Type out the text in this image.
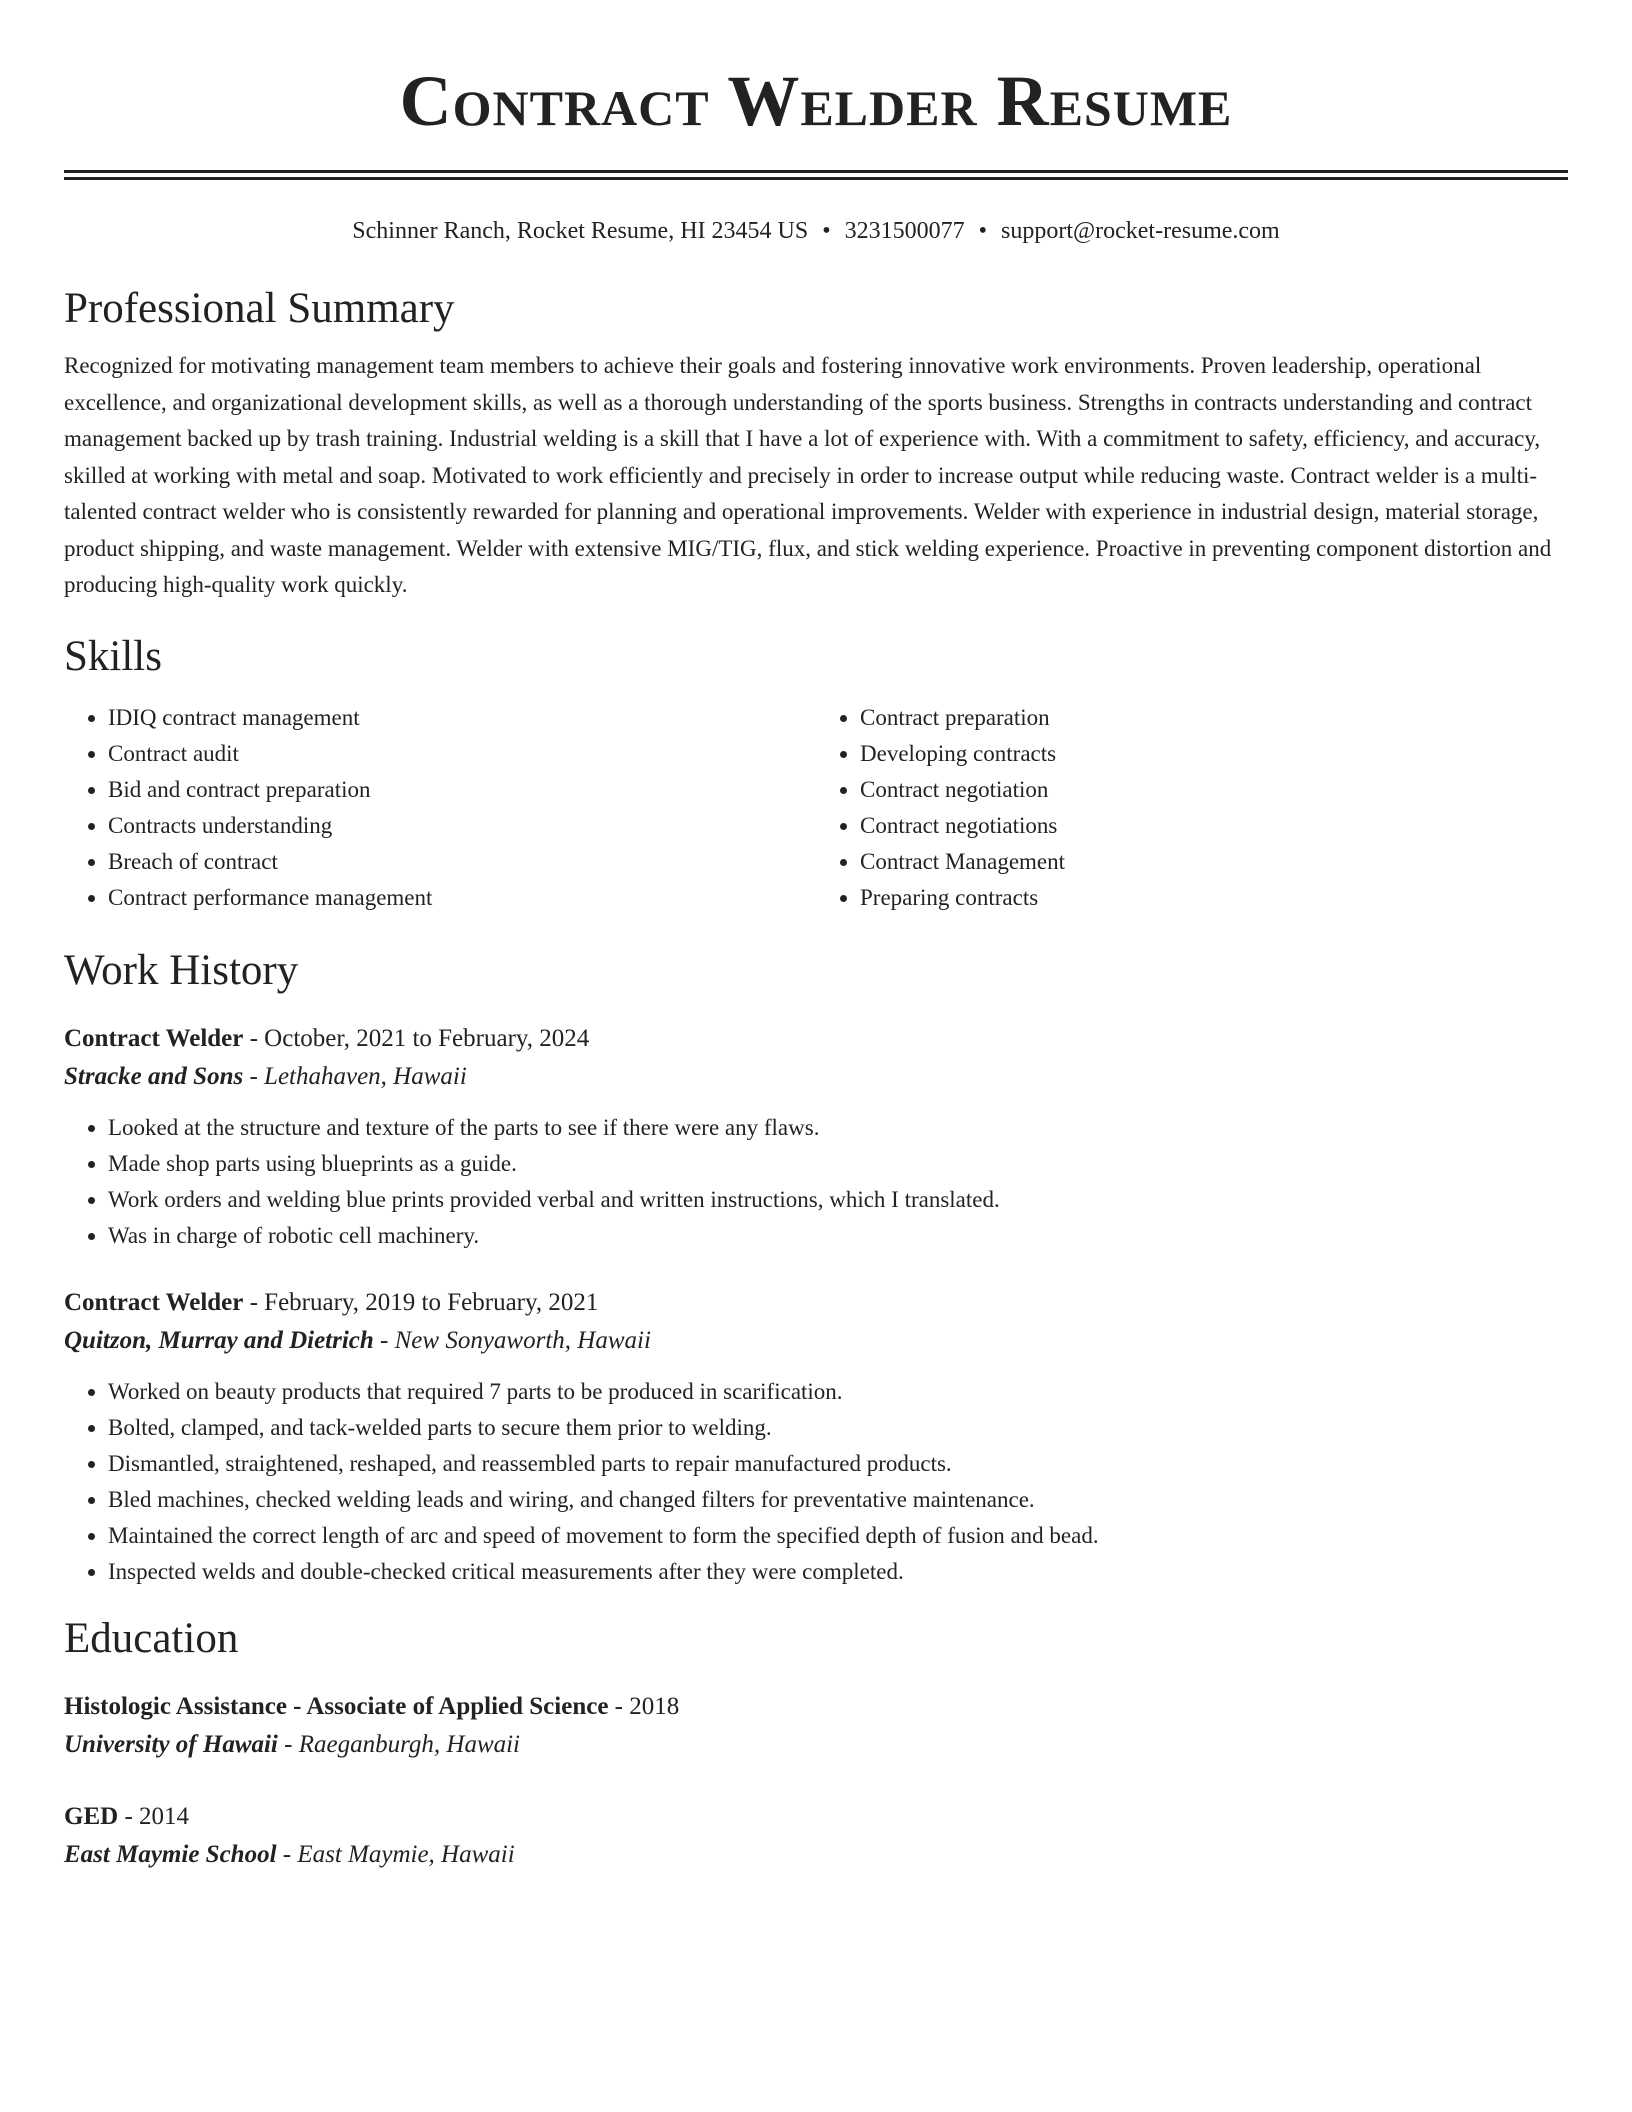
Contract Welder Resume
Schinner Ranch, Rocket Resume, HI 23454 US • 3231500077 • support@rocket-resume.com
Professional Summary

Recognized for motivating management team members to achieve their goals and fostering innovative work environments. Proven leadership, operational excellence, and organizational development skills, as well as a thorough understanding of the sports business. Strengths in contracts understanding and contract management backed up by trash training. Industrial welding is a skill that I have a lot of experience with. With a commitment to safety, efficiency, and accuracy, skilled at working with metal and soap. Motivated to work efficiently and precisely in order to increase output while reducing waste. Contract welder is a multi-talented contract welder who is consistently rewarded for planning and operational improvements. Welder with experience in industrial design, material storage, product shipping, and waste management. Welder with extensive MIG/TIG, flux, and stick welding experience. Proactive in preventing component distortion and producing high-quality work quickly.

Skills
• IDIQ contract management
• Contract audit
• Bid and contract preparation
• Contracts understanding
• Breach of contract
• Contract performance management
• Contract preparation
• Developing contracts
• Contract negotiation
• Contract negotiations
• Contract Management
• Preparing contracts
Work History
Contract Welder - October, 2021 to February, 2024
Stracke and Sons - Lethahaven, Hawaii
• Looked at the structure and texture of the parts to see if there were any flaws.
• Made shop parts using blueprints as a guide.
• Work orders and welding blue prints provided verbal and written instructions, which I translated.
• Was in charge of robotic cell machinery.
Contract Welder - February, 2019 to February, 2021
Quitzon, Murray and Dietrich - New Sonyaworth, Hawaii
• Worked on beauty products that required 7 parts to be produced in scarification.
• Bolted, clamped, and tack-welded parts to secure them prior to welding.
• Dismantled, straightened, reshaped, and reassembled parts to repair manufactured products.
• Bled machines, checked welding leads and wiring, and changed filters for preventative maintenance.
• Maintained the correct length of arc and speed of movement to form the specified depth of fusion and bead.
• Inspected welds and double-checked critical measurements after they were completed.
Education
Histologic Assistance - Associate of Applied Science - 2018
University of Hawaii - Raeganburgh, Hawaii
GED - 2014
East Maymie School - East Maymie, Hawaii
